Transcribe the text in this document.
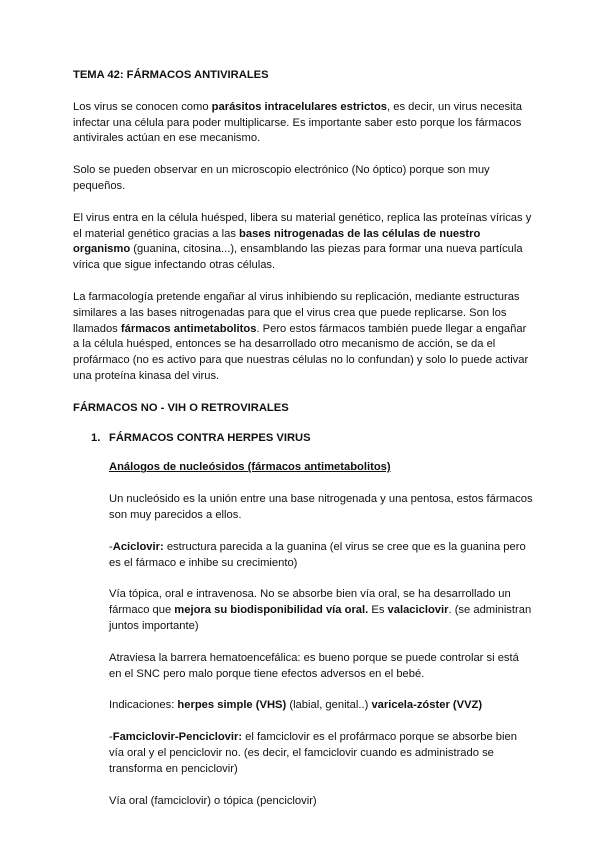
TEMA 42: FÁRMACOS ANTIVIRALES

Los virus se conocen como parásitos intracelulares estrictos, es decir, un virus necesita infectar una célula para poder multiplicarse. Es importante saber esto porque los fármacos antivirales actúan en ese mecanismo.

Solo se pueden observar en un microscopio electrónico (No óptico) porque son muy pequeños.

El virus entra en la célula huésped, libera su material genético, replica las proteínas víricas y el material genético gracias a las bases nitrogenadas de las células de nuestro organismo (guanina, citosina...), ensamblando las piezas para formar una nueva partícula vírica que sigue infectando otras células.

La farmacología pretende engañar al virus inhibiendo su replicación, mediante estructuras similares a las bases nitrogenadas para que el virus crea que puede replicarse. Son los llamados fármacos antimetabolitos. Pero estos fármacos también puede llegar a engañar a la célula huésped, entonces se ha desarrollado otro mecanismo de acción, se da el profármaco (no es activo para que nuestras células no lo confundan) y solo lo puede activar una proteína kinasa del virus.

FÁRMACOS NO - VIH O RETROVIRALES

1. FÁRMACOS CONTRA HERPES VIRUS

Análogos de nucleósidos (fármacos antimetabolitos)

Un nucleósido es la unión entre una base nitrogenada y una pentosa, estos fármacos son muy parecidos a ellos.

-Aciclovir: estructura parecida a la guanina (el virus se cree que es la guanina pero es el fármaco e inhibe su crecimiento)

Vía tópica, oral e intravenosa. No se absorbe bien vía oral, se ha desarrollado un fármaco que mejora su biodisponibilidad vía oral. Es valaciclovir. (se administran juntos importante)

Atraviesa la barrera hematoencefálica: es bueno porque se puede controlar si está en el SNC pero malo porque tiene efectos adversos en el bebé.

Indicaciones: herpes simple (VHS) (labial, genital..) varicela-zóster (VVZ)

-Famciclovir-Penciclovir: el famciclovir es el profármaco porque se absorbe bien vía oral y el penciclovir no. (es decir, el famciclovir cuando es administrado se transforma en penciclovir)

Vía oral (famciclovir) o tópica (penciclovir)
